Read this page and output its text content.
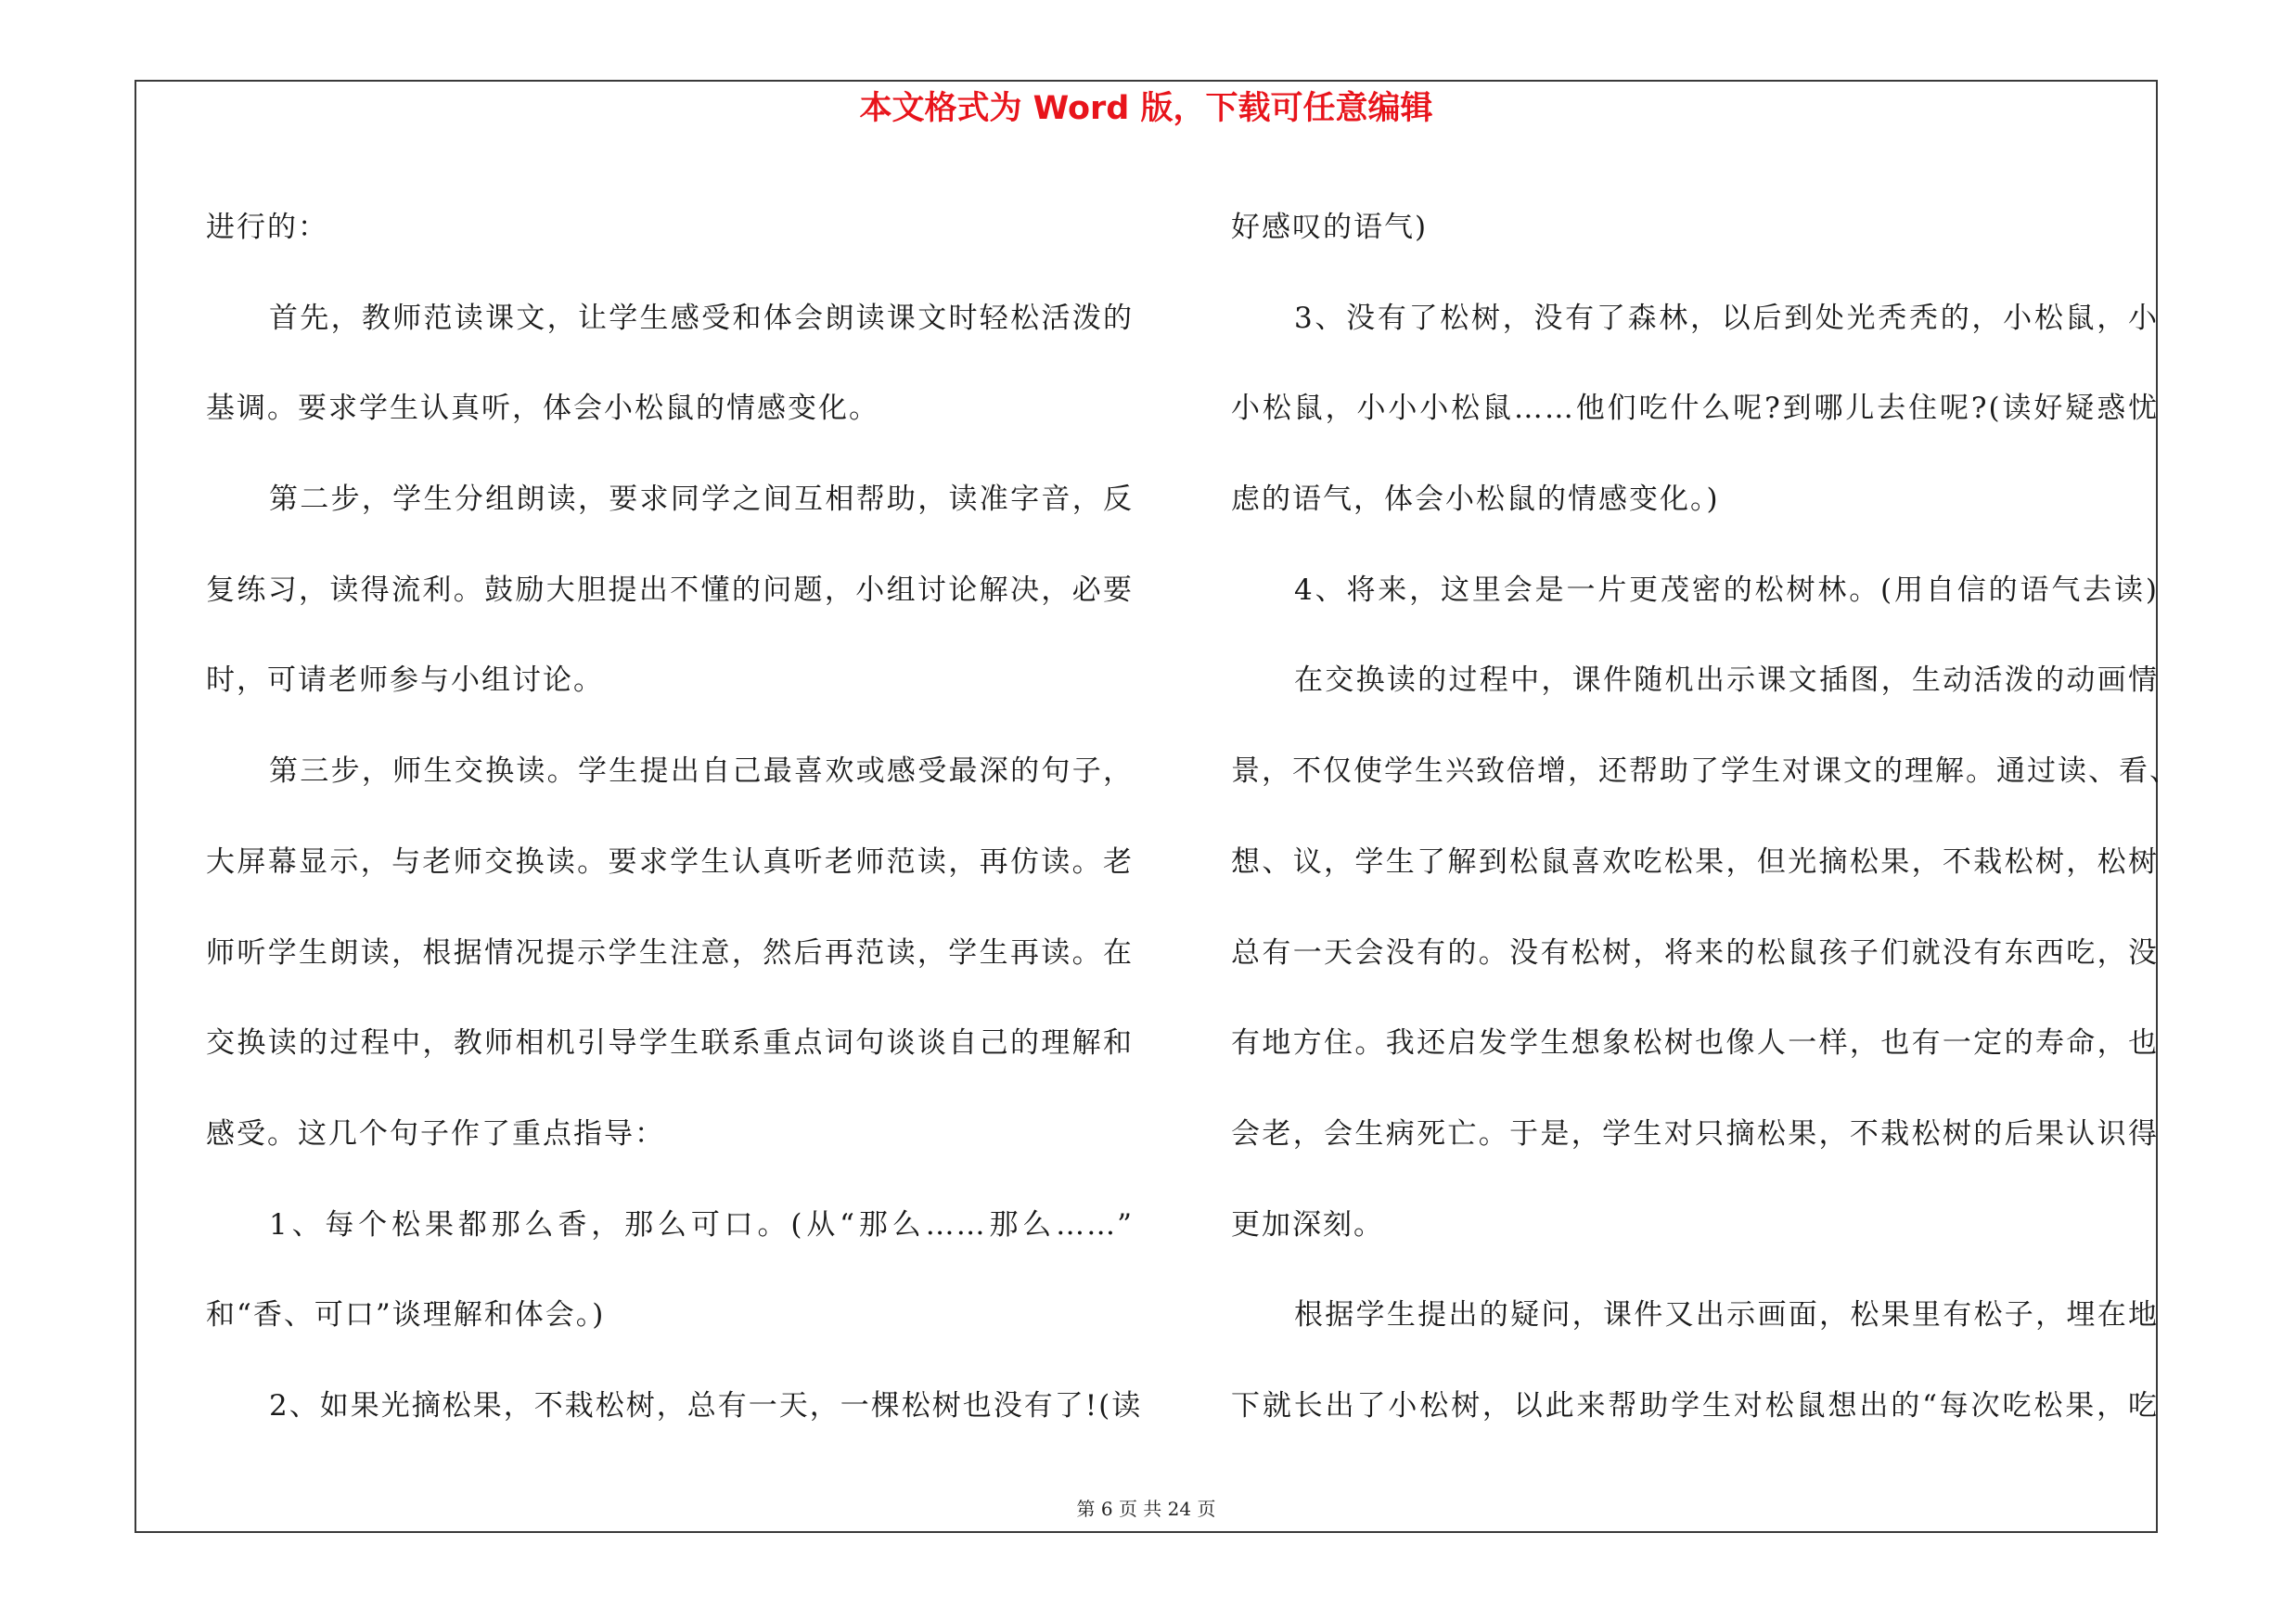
本文格式为 Word 版，下载可任意编辑
进行的：
首先，教师范读课文，让学生感受和体会朗读课文时轻松活泼的
基调。要求学生认真听，体会小松鼠的情感变化。
第二步，学生分组朗读，要求同学之间互相帮助，读准字音，反
复练习，读得流利。鼓励大胆提出不懂的问题，小组讨论解决，必要
时，可请老师参与小组讨论。
第三步，师生交换读。学生提出自己最喜欢或感受最深的句子，
大屏幕显示，与老师交换读。要求学生认真听老师范读，再仿读。老
师听学生朗读，根据情况提示学生注意，然后再范读，学生再读。在
交换读的过程中，教师相机引导学生联系重点词句谈谈自己的理解和
感受。这几个句子作了重点指导：
1、每个松果都那么香，那么可口。(从“那么……那么……”
和“香、可口”谈理解和体会。)
2、如果光摘松果，不栽松树，总有一天，一棵松树也没有了!(读
好感叹的语气)
3、没有了松树，没有了森林，以后到处光秃秃的，小松鼠，小
小松鼠，小小小松鼠……他们吃什么呢?到哪儿去住呢?(读好疑惑忧
虑的语气，体会小松鼠的情感变化。)
4、将来，这里会是一片更茂密的松树林。(用自信的语气去读)
在交换读的过程中，课件随机出示课文插图，生动活泼的动画情
景，不仅使学生兴致倍增，还帮助了学生对课文的理解。通过读、看、
想、议，学生了解到松鼠喜欢吃松果，但光摘松果，不栽松树，松树
总有一天会没有的。没有松树，将来的松鼠孩子们就没有东西吃，没
有地方住。我还启发学生想象松树也像人一样，也有一定的寿命，也
会老，会生病死亡。于是，学生对只摘松果，不栽松树的后果认识得
更加深刻。
根据学生提出的疑问，课件又出示画面，松果里有松子，埋在地
下就长出了小松树，以此来帮助学生对松鼠想出的“每次吃松果，吃
第 6 页 共 24 页
